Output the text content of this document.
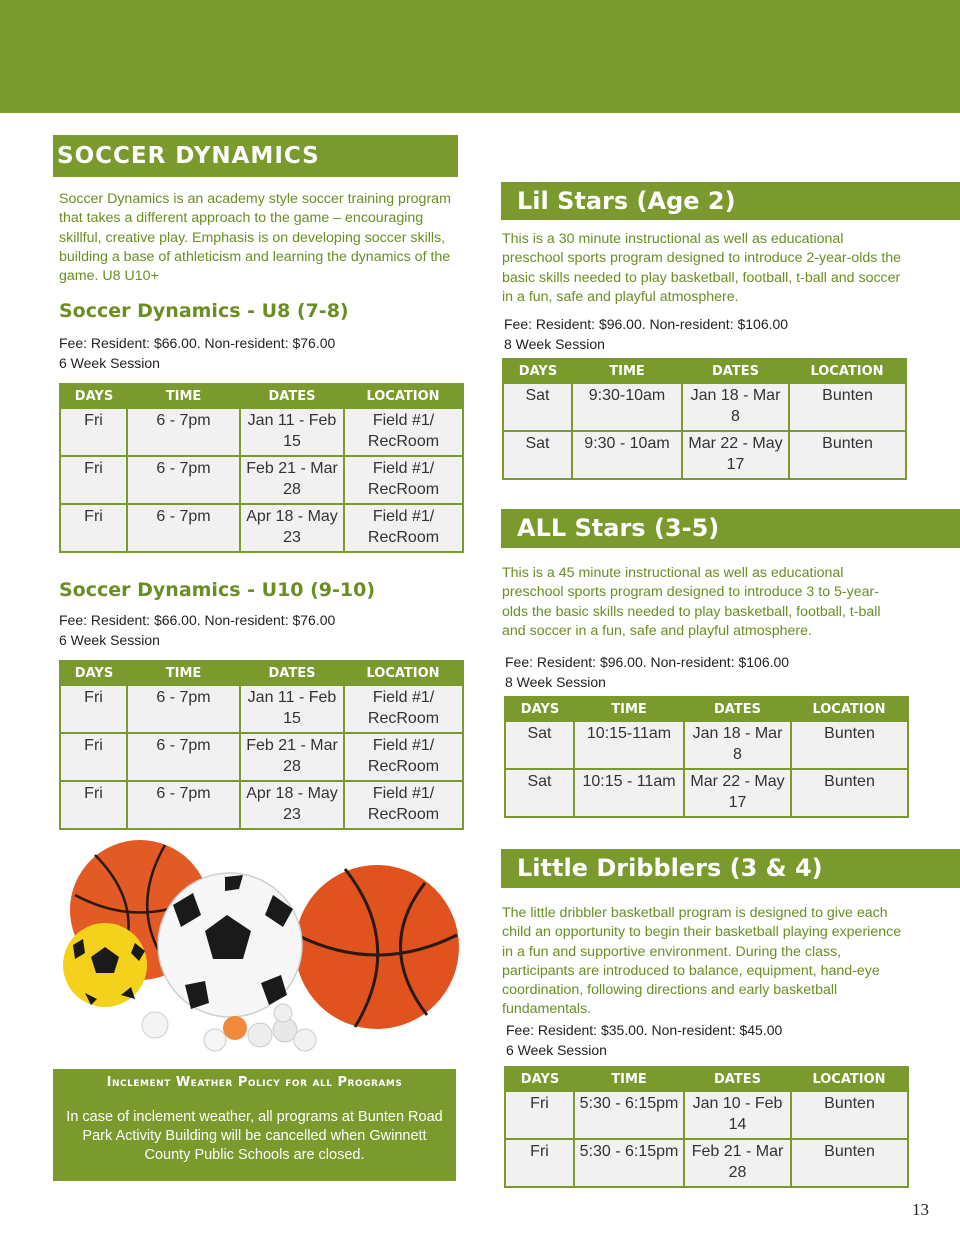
SOCCER DYNAMICS

Soccer Dynamics is an academy style soccer training program that takes a different approach to the game – encouraging skillful, creative play. Emphasis is on developing soccer skills, building a base of athleticism and learning the dynamics of the game. U8 U10+

Soccer Dynamics - U8 (7-8)

Fee: Resident: $66.00. Non-resident: $76.00

6 Week Session

DAYS	TIME	DATES	LOCATION
Fri	6 - 7pm	Jan 11 - Feb 15	Field #1/ RecRoom
Fri	6 - 7pm	Feb 21 - Mar 28	Field #1/ RecRoom
Fri	6 - 7pm	Apr 18 - May 23	Field #1/ RecRoom

Soccer Dynamics - U10 (9-10)

Fee: Resident: $66.00. Non-resident: $76.00

6 Week Session

DAYS	TIME	DATES	LOCATION
Fri	6 - 7pm	Jan 11 - Feb 15	Field #1/ RecRoom
Fri	6 - 7pm	Feb 21 - Mar 28	Field #1/ RecRoom
Fri	6 - 7pm	Apr 18 - May 23	Field #1/ RecRoom
Inclement Weather Policy for all Programs
In case of inclement weather, all programs at Bunten Road Park Activity Building will be cancelled when Gwinnett County Public Schools are closed.
Lil Stars (Age 2)

This is a 30 minute instructional as well as educational preschool sports program designed to introduce 2-year-olds the basic skills needed to play basketball, football, t-ball and soccer in a fun, safe and playful atmosphere.

Fee: Resident: $96.00. Non-resident: $106.00

8 Week Session

DAYS	TIME	DATES	LOCATION
Sat	9:30-10am	Jan 18 - Mar 8	Bunten
Sat	9:30 - 10am	Mar 22 - May 17	Bunten
ALL Stars (3-5)

This is a 45 minute instructional as well as educational preschool sports program designed to introduce 3 to 5-year-olds the basic skills needed to play basketball, football, t-ball and soccer in a fun, safe and playful atmosphere.

Fee: Resident: $96.00. Non-resident: $106.00

8 Week Session

DAYS	TIME	DATES	LOCATION
Sat	10:15-11am	Jan 18 - Mar 8	Bunten
Sat	10:15 - 11am	Mar 22 - May 17	Bunten
Little Dribblers (3 & 4)

The little dribbler basketball program is designed to give each child an opportunity to begin their basketball playing experience in a fun and supportive environment. During the class, participants are introduced to balance, equipment, hand-eye coordination, following directions and early basketball fundamentals.

Fee: Resident: $35.00. Non-resident: $45.00

6 Week Session

DAYS	TIME	DATES	LOCATION
Fri	5:30 - 6:15pm	Jan 10 - Feb 14	Bunten
Fri	5:30 - 6:15pm	Feb 21 - Mar 28	Bunten
13
